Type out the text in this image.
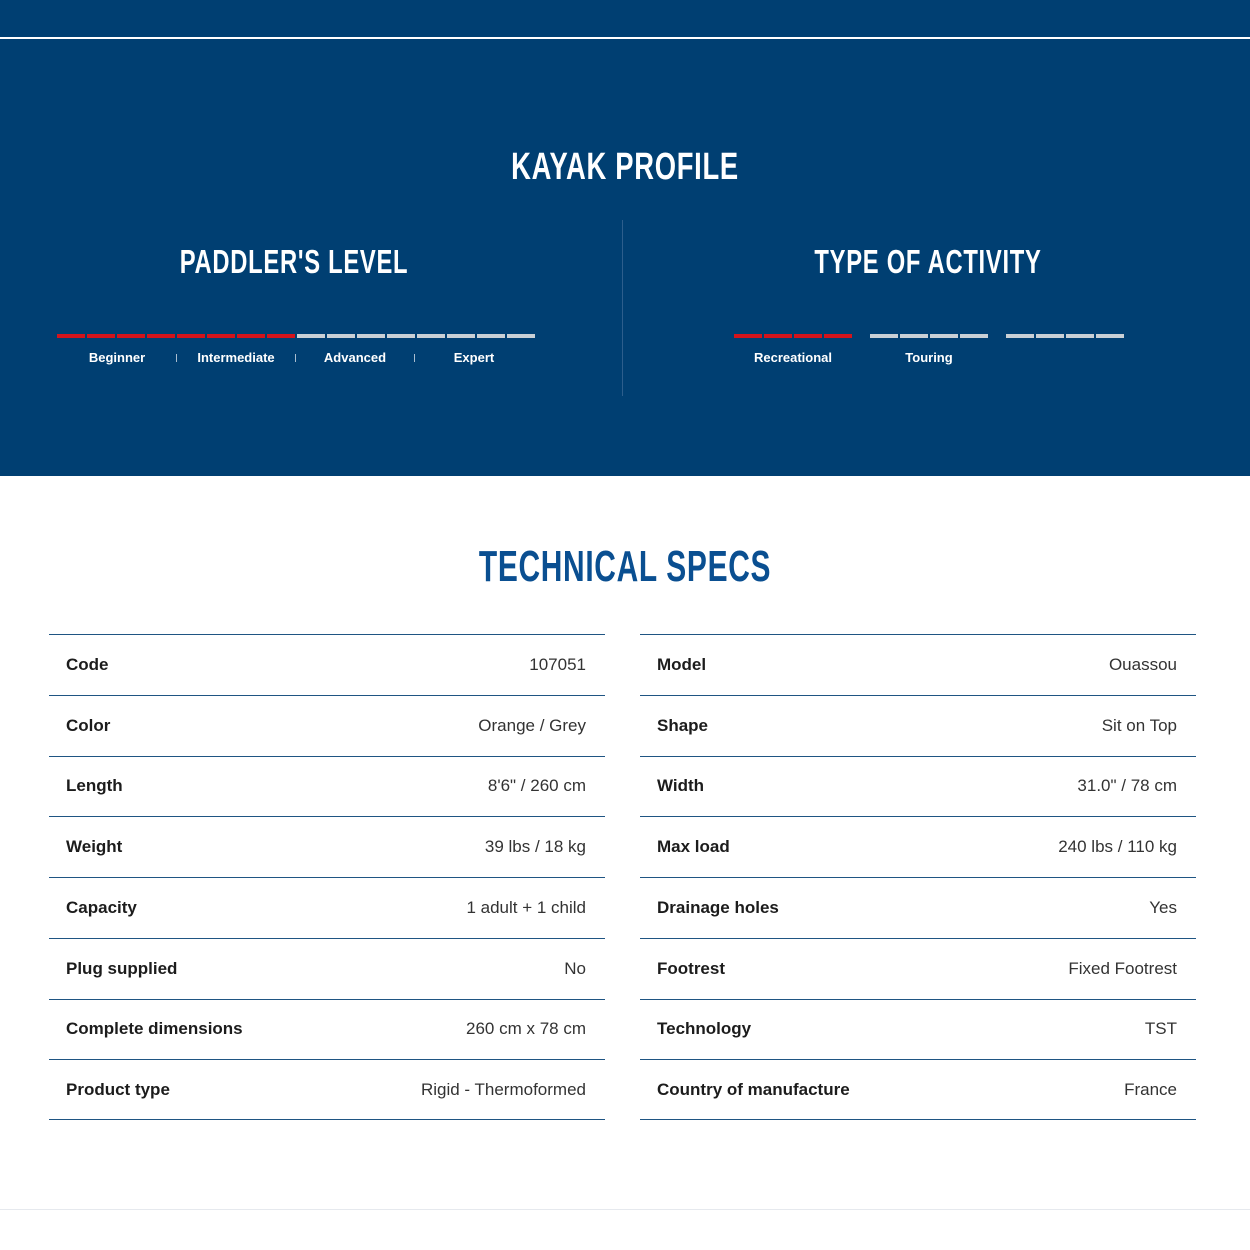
KAYAK PROFILE
PADDLER'S LEVEL	TYPE OF ACTIVITY
Beginner	Intermediate	Advanced	Expert	Recreational	Touring
TECHNICAL SPECS
Code	107051
Color	Orange / Grey
Length	8'6" / 260 cm
Weight	39 lbs / 18 kg
Capacity	1 adult + 1 child
Plug supplied	No
Complete dimensions	260 cm x 78 cm
Product type	Rigid - Thermoformed
Model	Ouassou
Shape	Sit on Top
Width	31.0" / 78 cm
Max load	240 lbs / 110 kg
Drainage holes	Yes
Footrest	Fixed Footrest
Technology	TST
Country of manufacture	France
